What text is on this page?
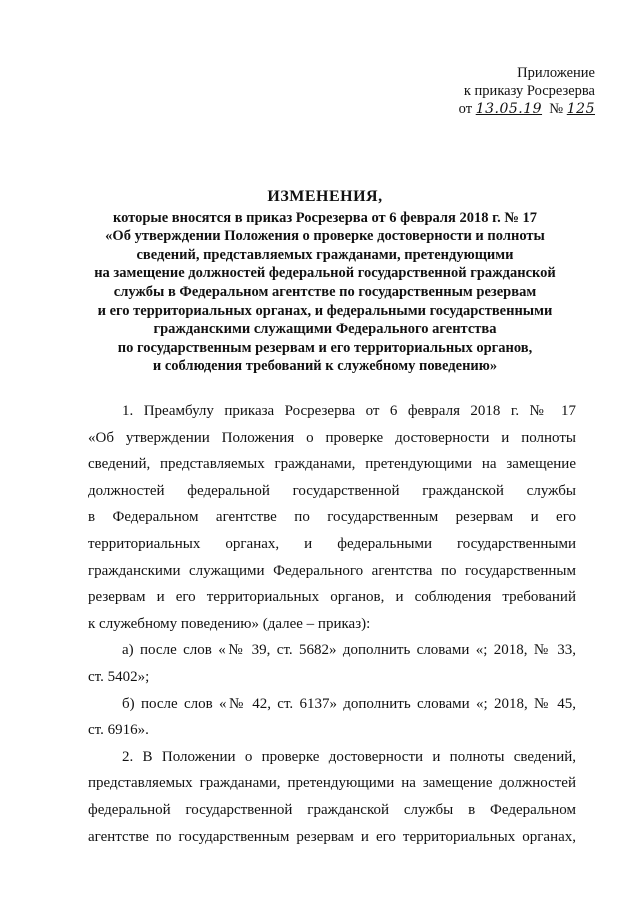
Приложение
к приказу Росрезерва
от 13.05.19 № 125
ИЗМЕНЕНИЯ,
которые вносятся в приказ Росрезерва от 6 февраля 2018 г. № 17
«Об утверждении Положения о проверке достоверности и полноты
сведений, представляемых гражданами, претендующими
на замещение должностей федеральной государственной гражданской
службы в Федеральном агентстве по государственным резервам
и его территориальных органах, и федеральными государственными
гражданскими служащими Федерального агентства
по государственным резервам и его территориальных органов,
и соблюдения требований к служебному поведению»
1. Преамбулу приказа Росрезерва от 6 февраля 2018 г. № 17
«Об утверждении Положения о проверке достоверности и полноты
сведений, представляемых гражданами, претендующими на замещение
должностей федеральной государственной гражданской службы
в Федеральном агентстве по государственным резервам и его
территориальных органах, и федеральными государственными
гражданскими служащими Федерального агентства по государственным
резервам и его территориальных органов, и соблюдения требований
к служебному поведению» (далее – приказ):
а) после слов «№ 39, ст. 5682» дополнить словами «; 2018, № 33,
ст. 5402»;
б) после слов «№ 42, ст. 6137» дополнить словами «; 2018, № 45,
ст. 6916».
2. В Положении о проверке достоверности и полноты сведений,
представляемых гражданами, претендующими на замещение должностей
федеральной государственной гражданской службы в Федеральном
агентстве по государственным резервам и его территориальных органах,
